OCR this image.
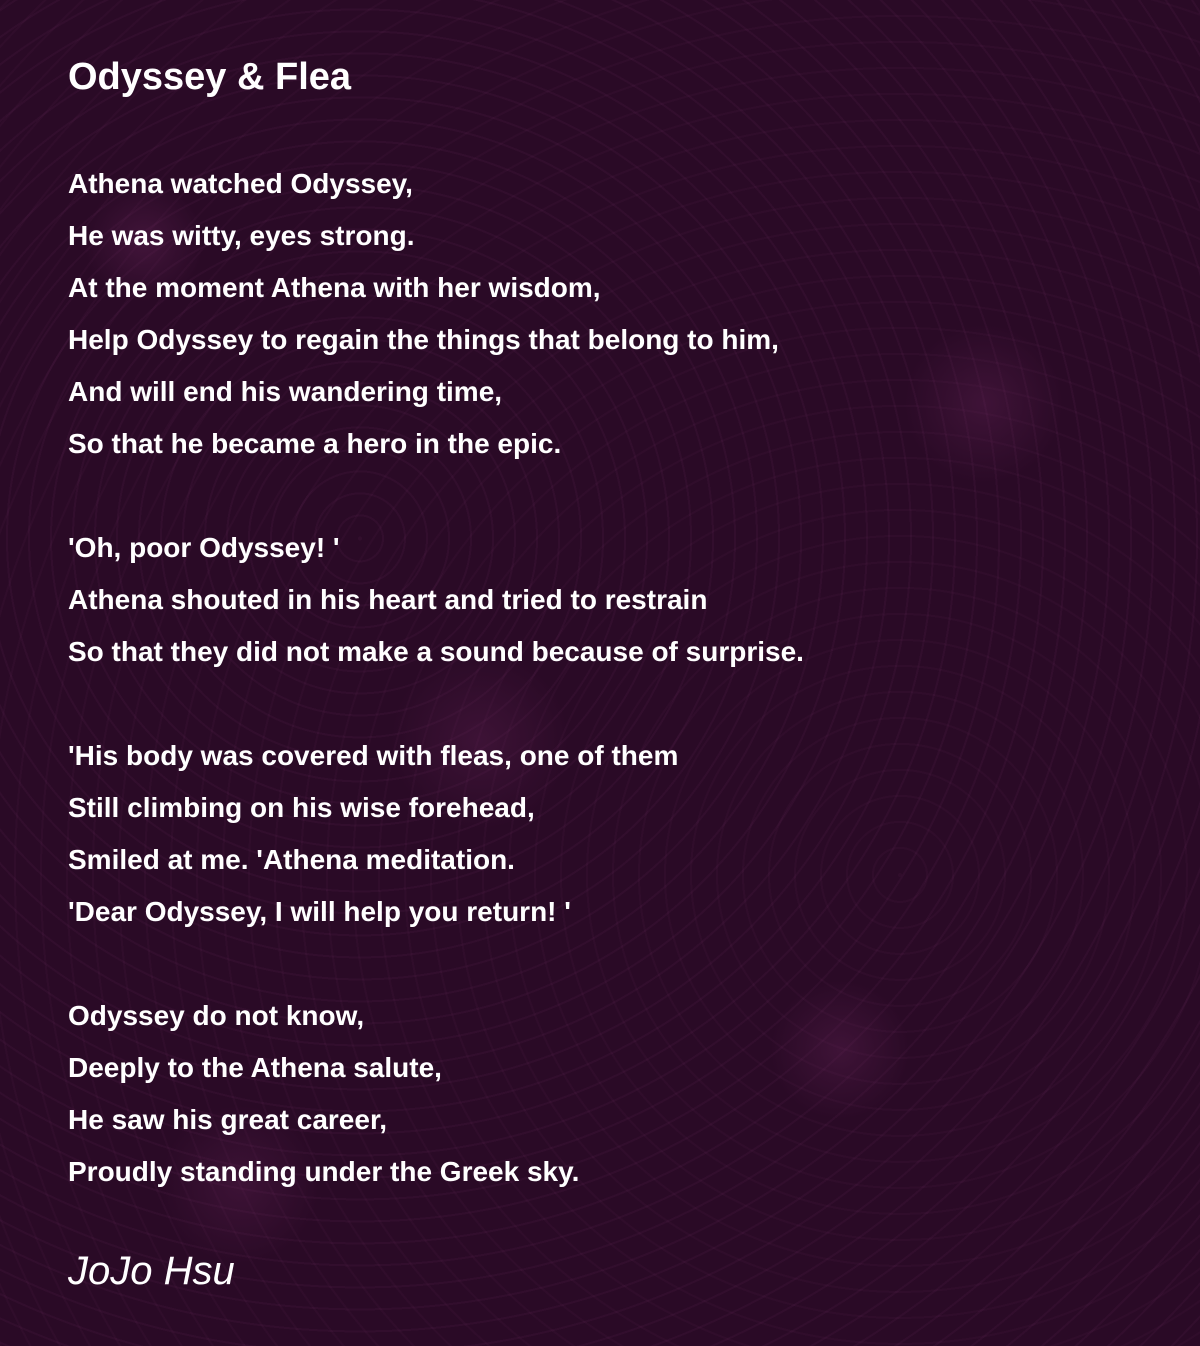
Odyssey & Flea
Athena watched Odyssey,
He was witty, eyes strong.
At the moment Athena with her wisdom,
Help Odyssey to regain the things that belong to him,
And will end his wandering time,
So that he became a hero in the epic.
'Oh, poor Odyssey! '
Athena shouted in his heart and tried to restrain
So that they did not make a sound because of surprise.
'His body was covered with fleas, one of them
Still climbing on his wise forehead,
Smiled at me. 'Athena meditation.
'Dear Odyssey, I will help you return! '
Odyssey do not know,
Deeply to the Athena salute,
He saw his great career,
Proudly standing under the Greek sky.

JoJo Hsu
